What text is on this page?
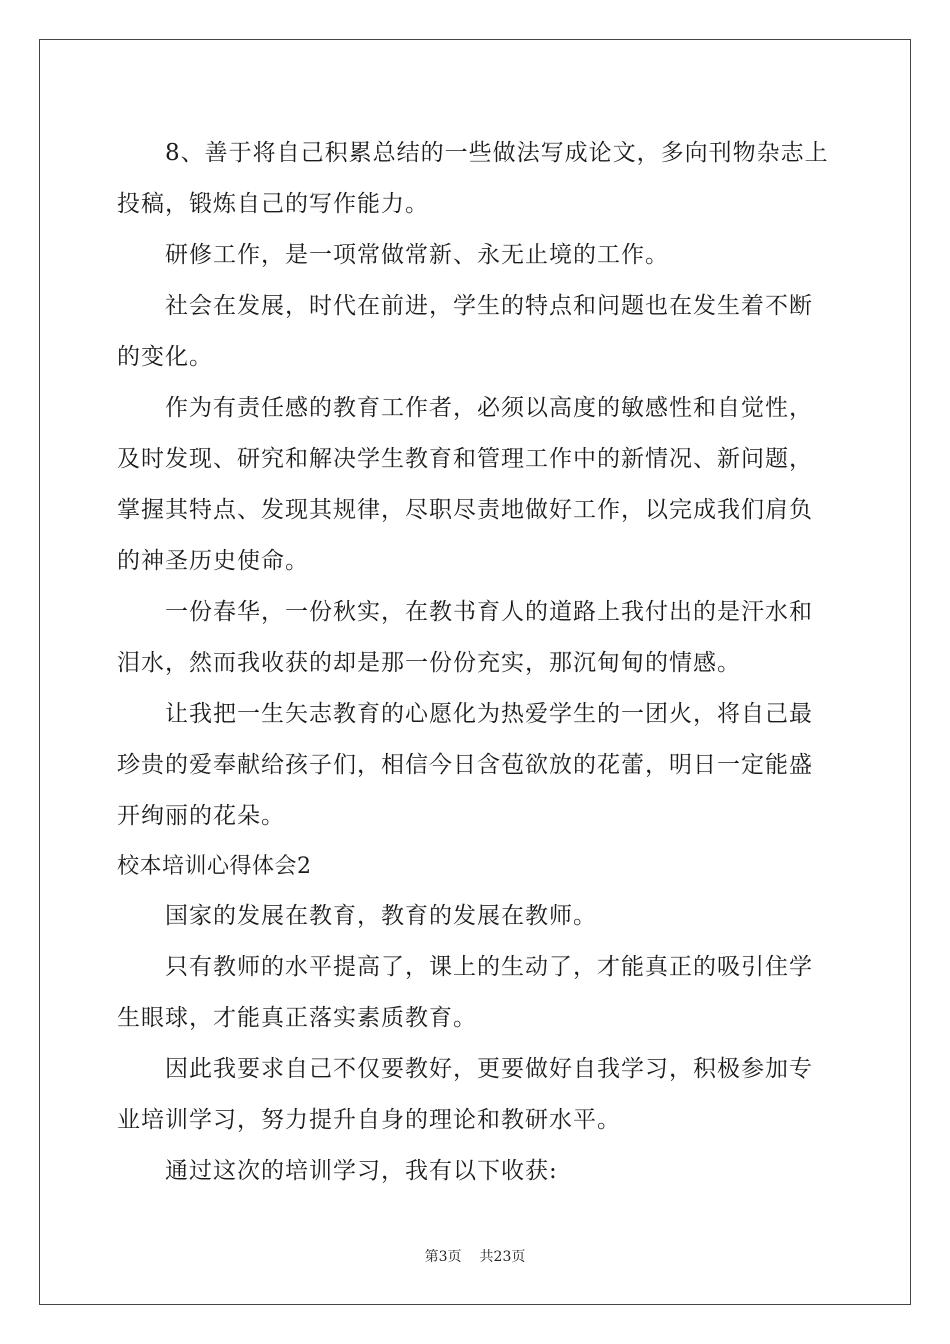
8、善于将自己积累总结的一些做法写成论文，多向刊物杂志上投稿，锻炼自己的写作能力。

研修工作，是一项常做常新、永无止境的工作。

社会在发展，时代在前进，学生的特点和问题也在发生着不断的变化。

作为有责任感的教育工作者，必须以高度的敏感性和自觉性，及时发现、研究和解决学生教育和管理工作中的新情况、新问题，掌握其特点、发现其规律，尽职尽责地做好工作，以完成我们肩负的神圣历史使命。

一份春华，一份秋实，在教书育人的道路上我付出的是汗水和泪水，然而我收获的却是那一份份充实，那沉甸甸的情感。

让我把一生矢志教育的心愿化为热爱学生的一团火，将自己最珍贵的爱奉献给孩子们，相信今日含苞欲放的花蕾，明日一定能盛开绚丽的花朵。

校本培训心得体会2

国家的发展在教育，教育的发展在教师。

只有教师的水平提高了，课上的生动了，才能真正的吸引住学生眼球，才能真正落实素质教育。

因此我要求自己不仅要教好，更要做好自我学习，积极参加专业培训学习，努力提升自身的理论和教研水平。

通过这次的培训学习，我有以下收获:

第3页 共23页
